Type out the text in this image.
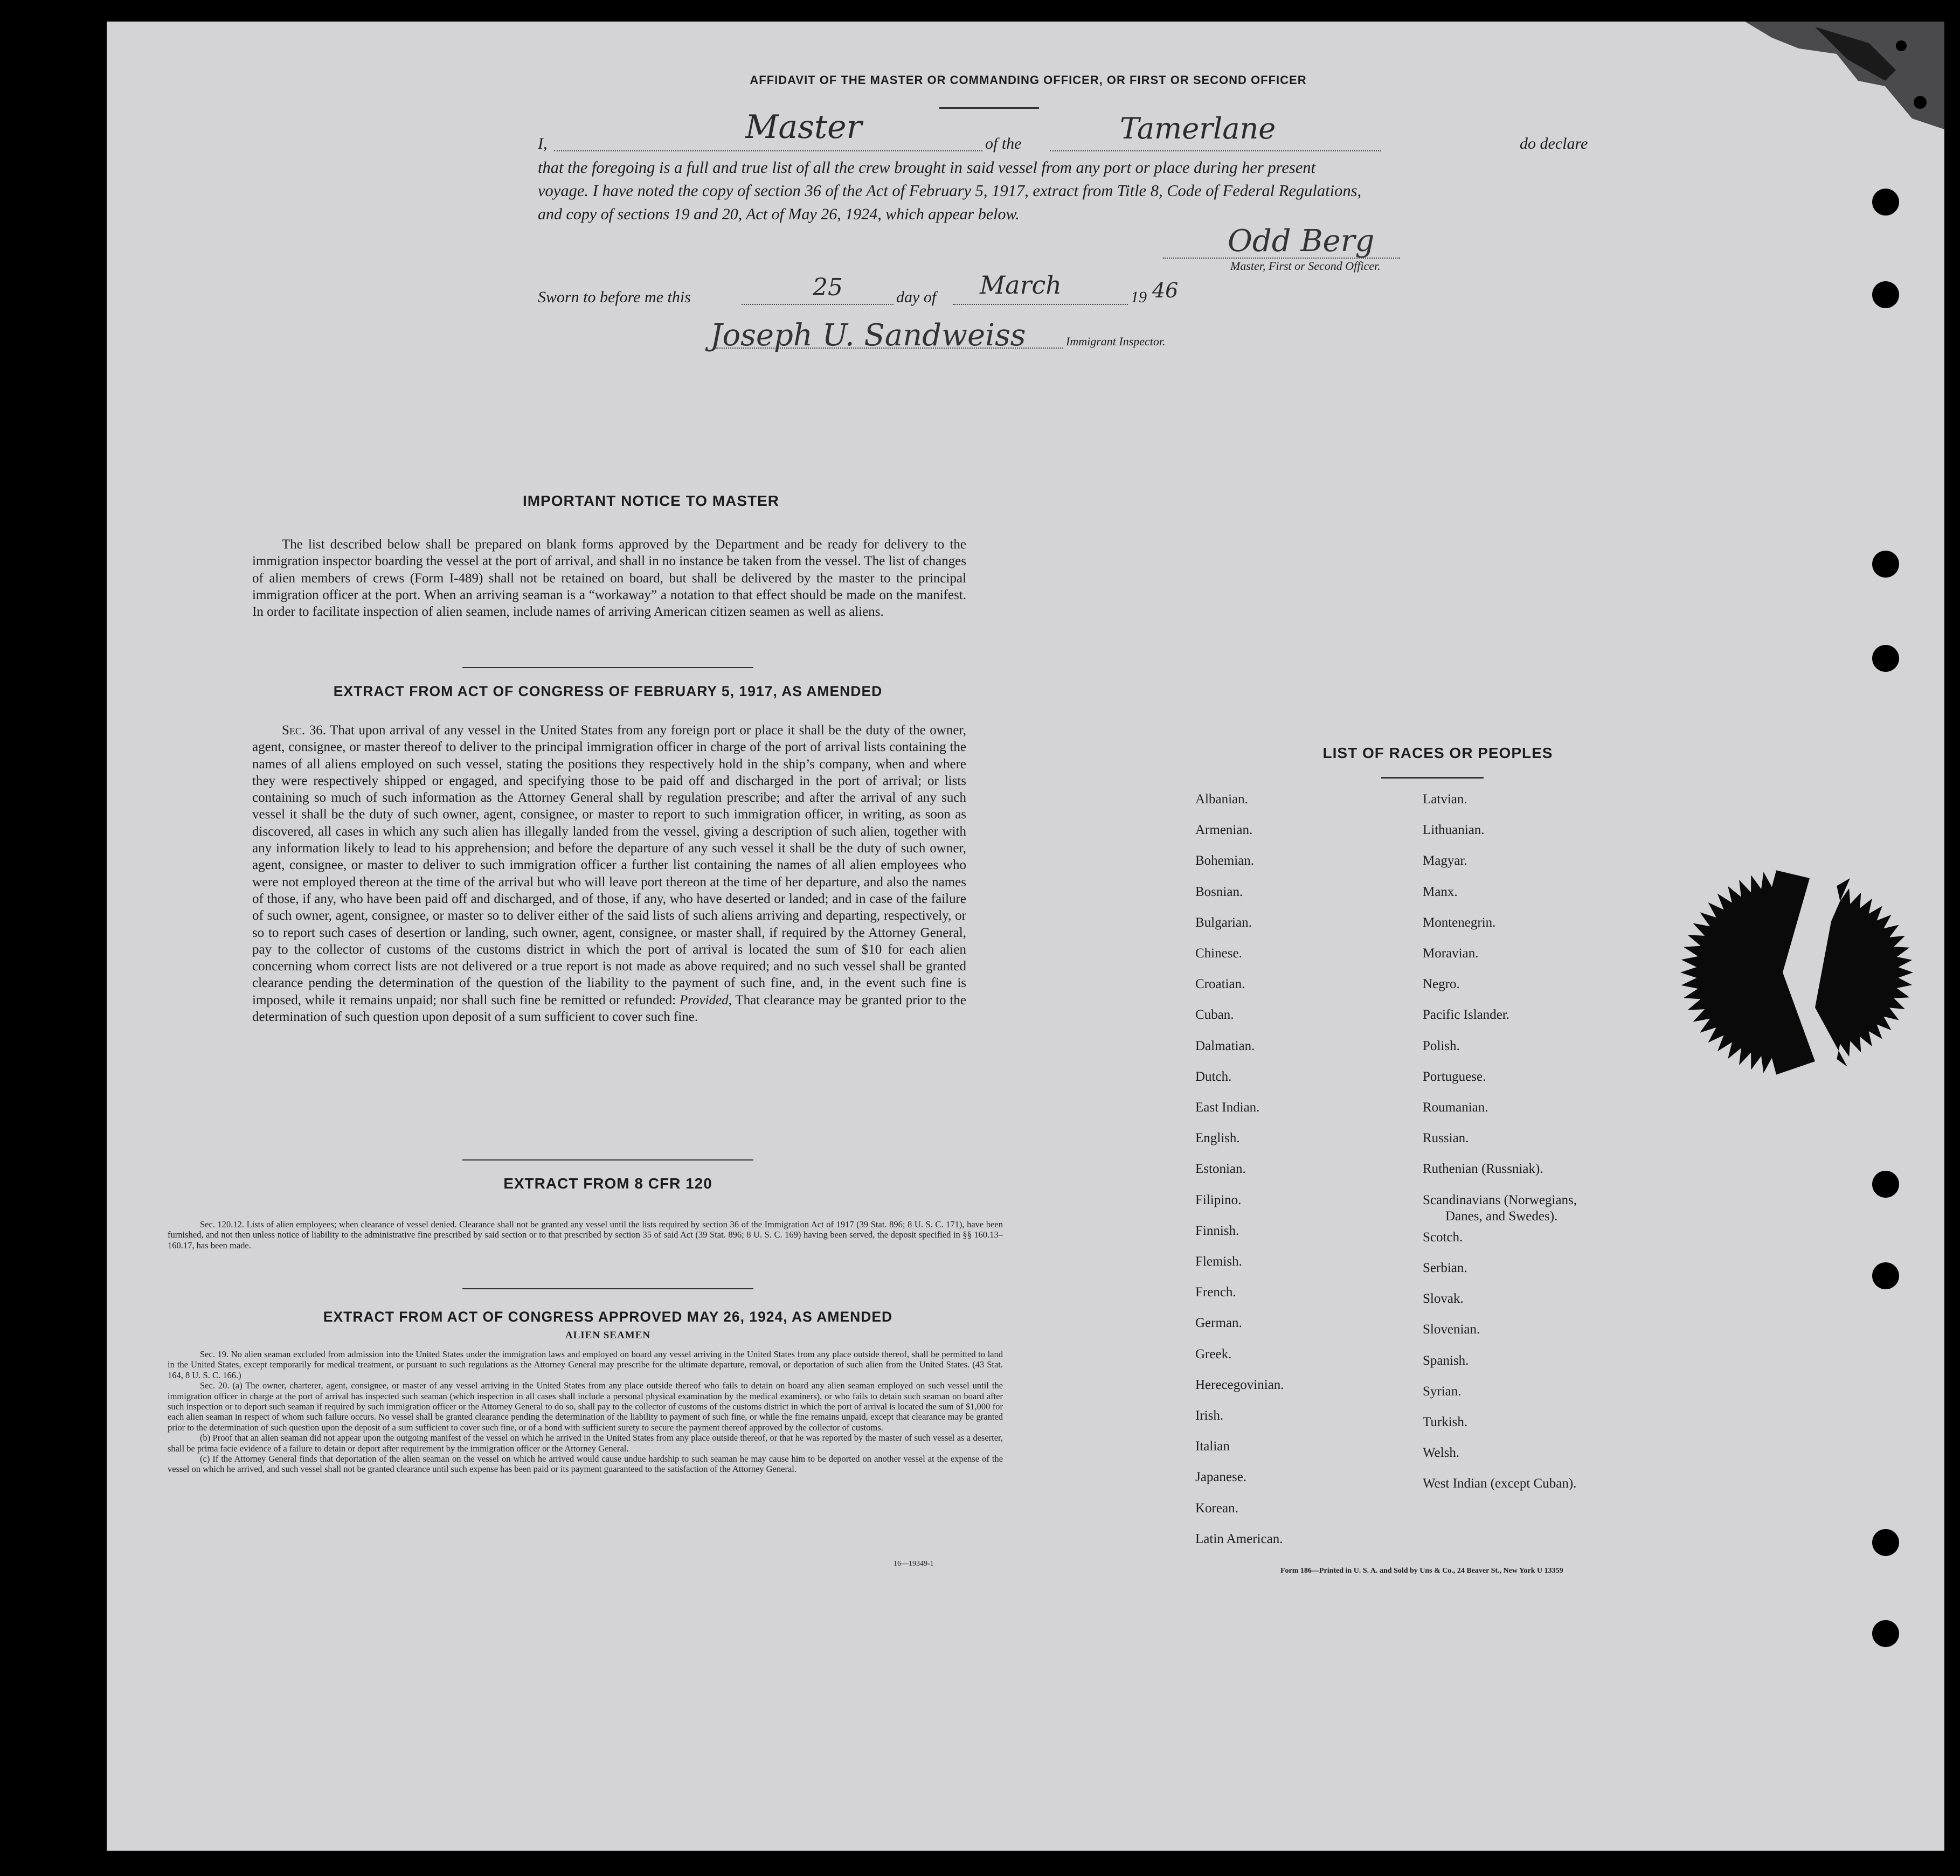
AFFIDAVIT OF THE MASTER OR COMMANDING OFFICER, OR FIRST OR SECOND OFFICER
I,	Master	of the	Tamerlane	do declare
that the foregoing is a full and true list of all the crew brought in said vessel from any port or place during her present
voyage. I have noted the copy of section 36 of the Act of February 5, 1917, extract from Title 8, Code of Federal Regulations,
and copy of sections 19 and 20, Act of May 26, 1924, which appear below.
Odd Berg
Master, First or Second Officer.
Sworn to before me this	25	day of March	19 46
Joseph U. Sandweiss	Immigrant Inspector.
IMPORTANT NOTICE TO MASTER

The list described below shall be prepared on blank forms approved by the Department and be ready for delivery to the immigration inspector boarding the vessel at the port of arrival, and shall in no instance be taken from the vessel. The list of changes of alien members of crews (Form I-489) shall not be retained on board, but shall be delivered by the master to the principal immigration officer at the port. When an arriving seaman is a “workaway” a notation to that effect should be made on the manifest. In order to facilitate inspection of alien seamen, include names of arriving American citizen seamen as well as aliens.

EXTRACT FROM ACT OF CONGRESS OF FEBRUARY 5, 1917, AS AMENDED

Sec. 36. That upon arrival of any vessel in the United States from any foreign port or place it shall be the duty of the owner, agent, consignee, or master thereof to deliver to the principal immigration officer in charge of the port of arrival lists containing the names of all aliens employed on such vessel, stating the positions they respectively hold in the ship’s company, when and where they were respectively shipped or engaged, and specifying those to be paid off and discharged in the port of arrival; or lists containing so much of such information as the Attorney General shall by regulation prescribe; and after the arrival of any such vessel it shall be the duty of such owner, agent, consignee, or master to report to such immigration officer, in writing, as soon as discovered, all cases in which any such alien has illegally landed from the vessel, giving a description of such alien, together with any information likely to lead to his apprehension; and before the departure of any such vessel it shall be the duty of such owner, agent, consignee, or master to deliver to such immigration officer a further list containing the names of all alien employees who were not employed thereon at the time of the arrival but who will leave port thereon at the time of her departure, and also the names of those, if any, who have been paid off and discharged, and of those, if any, who have deserted or landed; and in case of the failure of such owner, agent, consignee, or master so to deliver either of the said lists of such aliens arriving and departing, respectively, or so to report such cases of desertion or landing, such owner, agent, consignee, or master shall, if required by the Attorney General, pay to the collector of customs of the customs district in which the port of arrival is located the sum of $10 for each alien concerning whom correct lists are not delivered or a true report is not made as above required; and no such vessel shall be granted clearance pending the determination of the question of the liability to the payment of such fine, and, in the event such fine is imposed, while it remains unpaid; nor shall such fine be remitted or refunded: Provided, That clearance may be granted prior to the determination of such question upon deposit of a sum sufficient to cover such fine.

EXTRACT FROM 8 CFR 120

Sec. 120.12. Lists of alien employees; when clearance of vessel denied. Clearance shall not be granted any vessel until the lists required by section 36 of the Immigration Act of 1917 (39 Stat. 896; 8 U. S. C. 171), have been furnished, and not then unless notice of liability to the administrative fine prescribed by said section or to that prescribed by section 35 of said Act (39 Stat. 896; 8 U. S. C. 169) having been served, the deposit specified in §§ 160.13–160.17, has been made.

EXTRACT FROM ACT OF CONGRESS APPROVED MAY 26, 1924, AS AMENDED
ALIEN SEAMEN

Sec. 19. No alien seaman excluded from admission into the United States under the immigration laws and employed on board any vessel arriving in the United States from any place outside thereof, shall be permitted to land in the United States, except temporarily for medical treatment, or pursuant to such regulations as the Attorney General may prescribe for the ultimate departure, removal, or deportation of such alien from the United States. (43 Stat. 164, 8 U. S. C. 166.)

Sec. 20. (a) The owner, charterer, agent, consignee, or master of any vessel arriving in the United States from any place outside thereof who fails to detain on board any alien seaman employed on such vessel until the immigration officer in charge at the port of arrival has inspected such seaman (which inspection in all cases shall include a personal physical examination by the medical examiners), or who fails to detain such seaman on board after such inspection or to deport such seaman if required by such immigration officer or the Attorney General to do so, shall pay to the collector of customs of the customs district in which the port of arrival is located the sum of $1,000 for each alien seaman in respect of whom such failure occurs. No vessel shall be granted clearance pending the determination of the liability to payment of such fine, or while the fine remains unpaid, except that clearance may be granted prior to the determination of such question upon the deposit of a sum sufficient to cover such fine, or of a bond with sufficient surety to secure the payment thereof approved by the collector of customs.

(b) Proof that an alien seaman did not appear upon the outgoing manifest of the vessel on which he arrived in the United States from any place outside thereof, or that he was reported by the master of such vessel as a deserter, shall be prima facie evidence of a failure to detain or deport after requirement by the immigration officer or the Attorney General.

(c) If the Attorney General finds that deportation of the alien seaman on the vessel on which he arrived would cause undue hardship to such seaman he may cause him to be deported on another vessel at the expense of the vessel on which he arrived, and such vessel shall not be granted clearance until such expense has been paid or its payment guaranteed to the satisfaction of the Attorney General.

16—19349-1
LIST OF RACES OR PEOPLES
Albanian.
Armenian.
Bohemian.
Bosnian.
Bulgarian.
Chinese.
Croatian.
Cuban.
Dalmatian.
Dutch.
East Indian.
English.
Estonian.
Filipino.
Finnish.
Flemish.
French.
German.
Greek.
Herecegovinian.
Irish.
Italian
Japanese.
Korean.
Latin American.
Latvian.
Lithuanian.
Magyar.
Manx.
Montenegrin.
Moravian.
Negro.
Pacific Islander.
Polish.
Portuguese.
Roumanian.
Russian.
Ruthenian (Russniak).
Scandinavians (Norwegians,
Danes, and Swedes).
Scotch.
Serbian.
Slovak.
Slovenian.
Spanish.
Syrian.
Turkish.
Welsh.
West Indian (except Cuban).
Form 186—Printed in U. S. A. and Sold by Uns & Co., 24 Beaver St., New York U 13359
